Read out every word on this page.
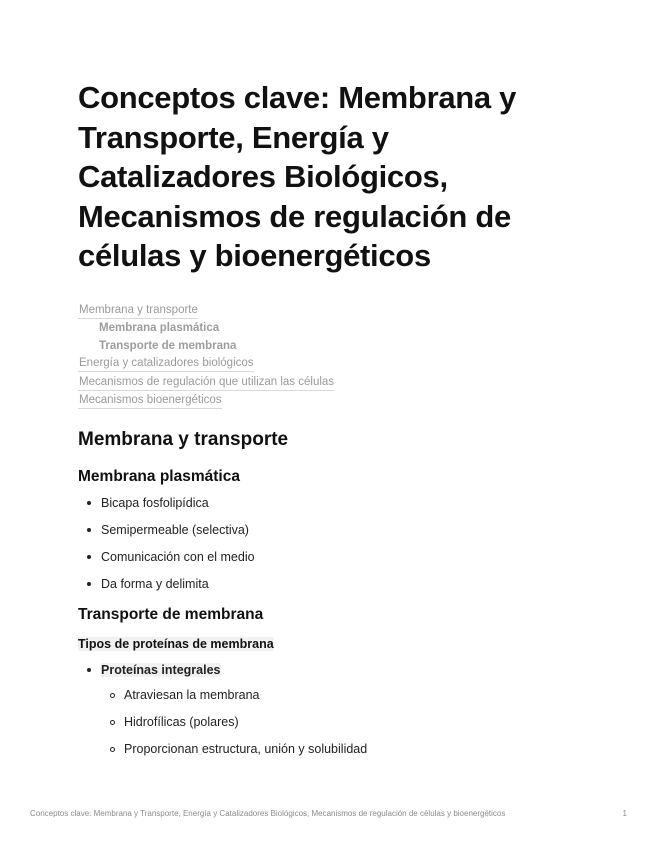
Conceptos clave: Membrana y Transporte, Energía y Catalizadores Biológicos, Mecanismos de regulación de células y bioenergéticos
Membrana y transporte
Membrana plasmática
Transporte de membrana
Energía y catalizadores biológicos
Mecanismos de regulación que utilizan las células
Mecanismos bioenergéticos
Membrana y transporte
Membrana plasmática
Bicapa fosfolipídica
Semipermeable (selectiva)
Comunicación con el medio
Da forma y delimita
Transporte de membrana
Tipos de proteínas de membrana
Proteínas integrales
Atraviesan la membrana
Hidrofílicas (polares)
Proporcionan estructura, unión y solubilidad
Conceptos clave: Membrana y Transporte, Energía y Catalizadores Biológicos, Mecanismos de regulación de células y bioenergéticos	1
